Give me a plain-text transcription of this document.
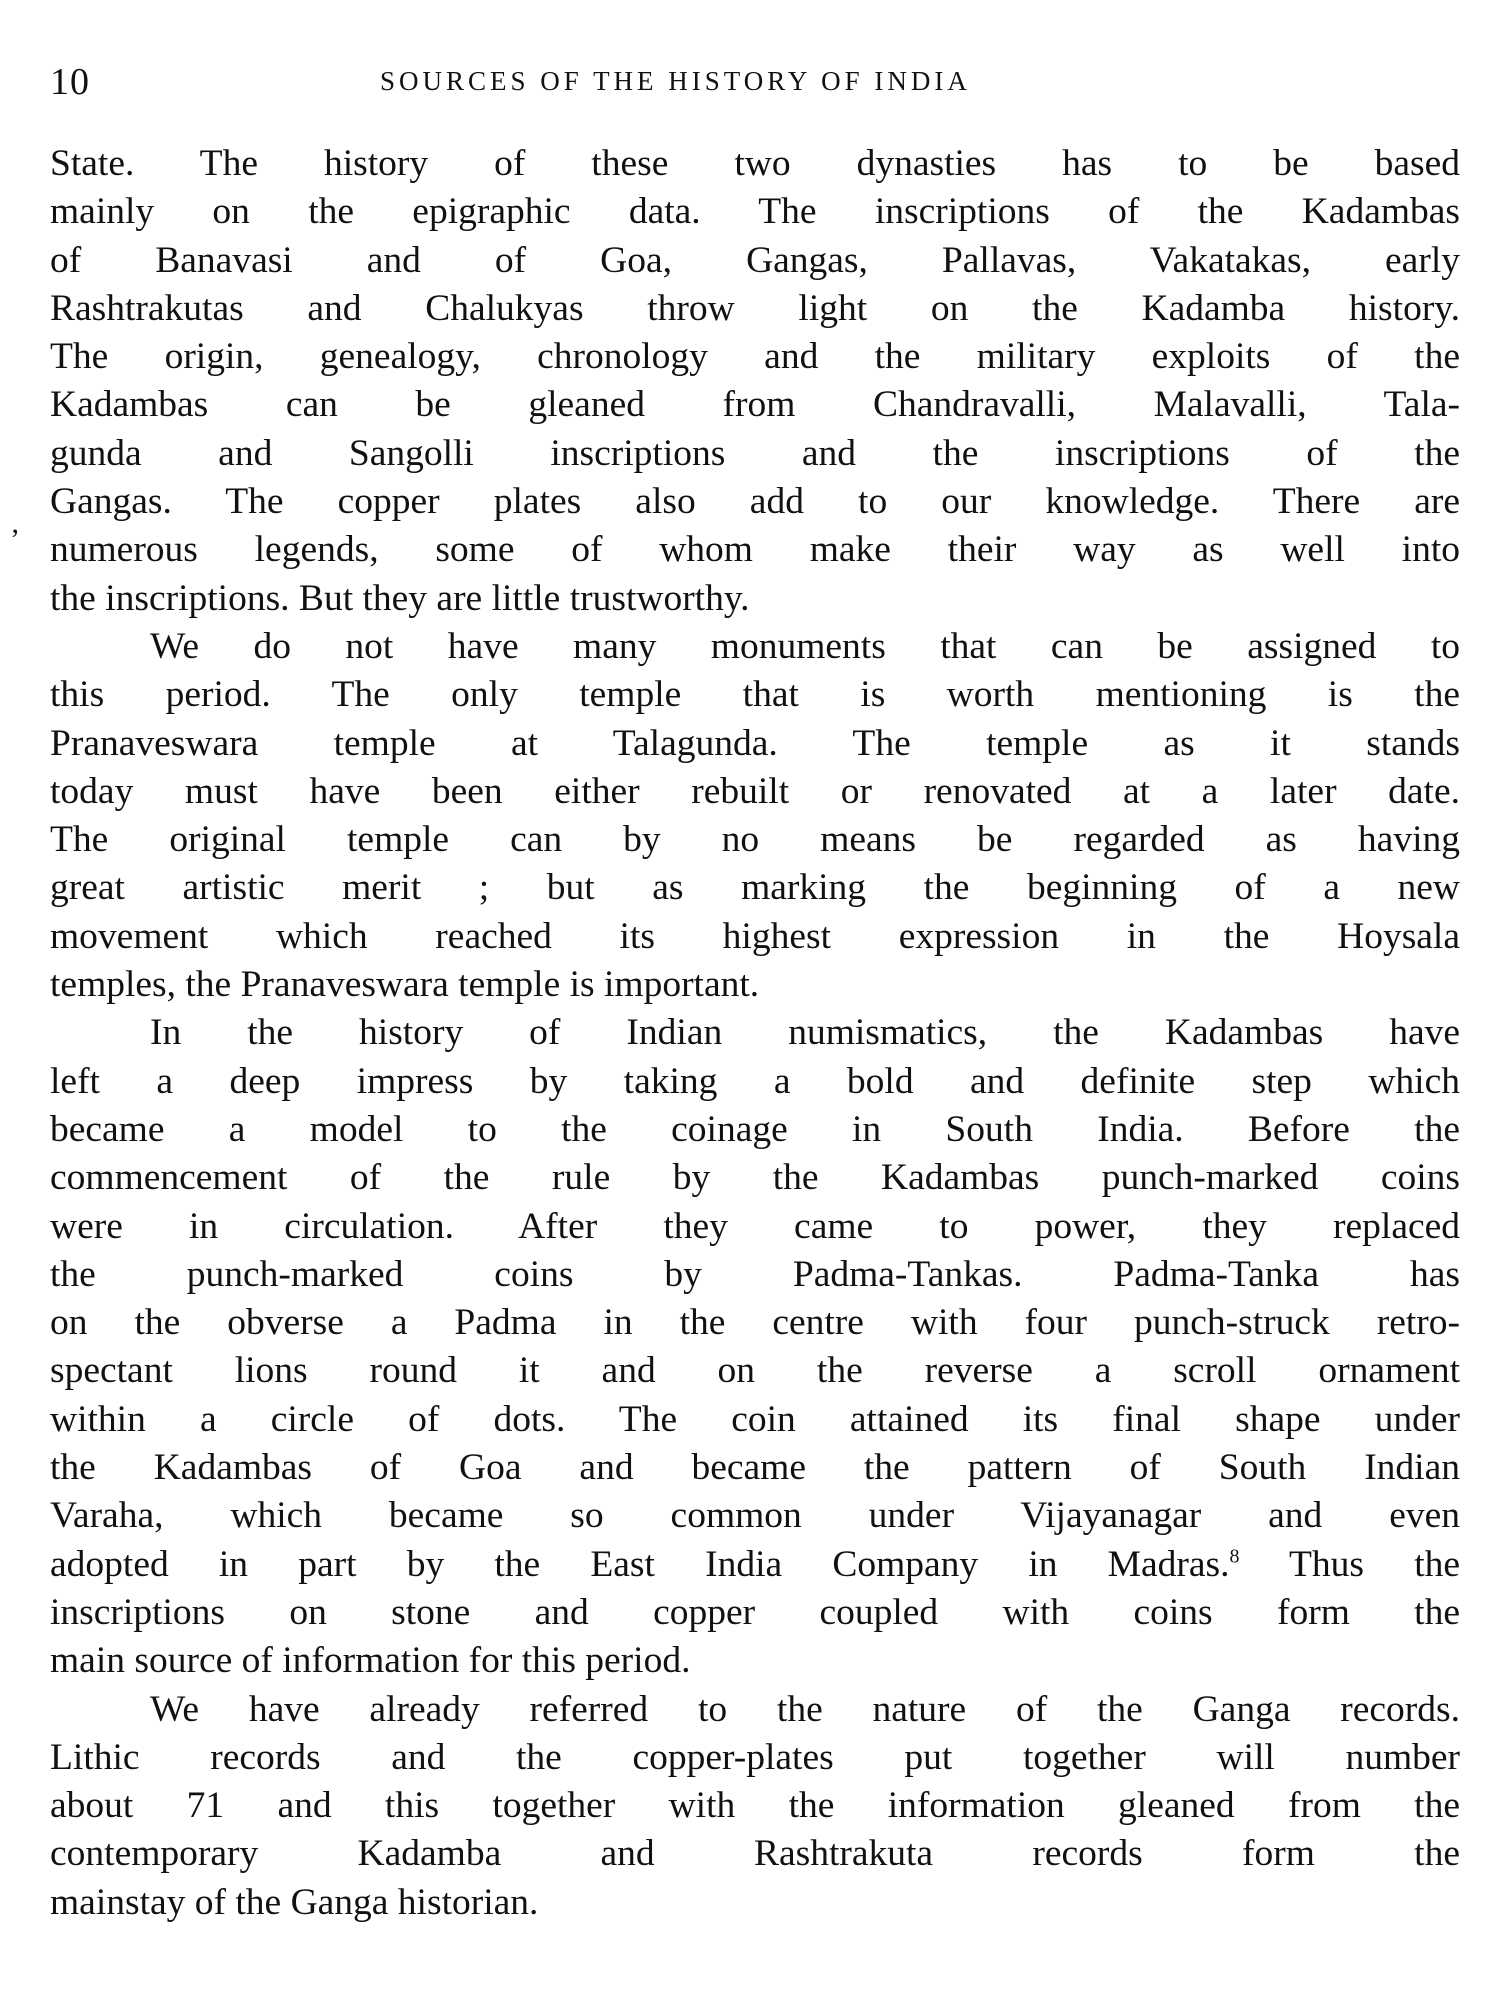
10	SOURCES OF THE HISTORY OF INDIA
’
State. The history of these two dynasties has to be based
mainly on the epigraphic data. The inscriptions of the Kadambas
of Banavasi and of Goa, Gangas, Pallavas, Vakatakas, early
Rashtrakutas and Chalukyas throw light on the Kadamba history.
The origin, genealogy, chronology and the military exploits of the
Kadambas can be gleaned from Chandravalli, Malavalli, Tala-
gunda and Sangolli inscriptions and the inscriptions of the
Gangas. The copper plates also add to our knowledge. There are
numerous legends, some of whom make their way as well into
the inscriptions. But they are little trustworthy.
We do not have many monuments that can be assigned to
this period. The only temple that is worth mentioning is the
Pranaveswara temple at Talagunda. The temple as it stands
today must have been either rebuilt or renovated at a later date.
The original temple can by no means be regarded as having
great artistic merit ; but as marking the beginning of a new
movement which reached its highest expression in the Hoysala
temples, the Pranaveswara temple is important.
In the history of Indian numismatics, the Kadambas have
left a deep impress by taking a bold and definite step which
became a model to the coinage in South India. Before the
commencement of the rule by the Kadambas punch-marked coins
were in circulation. After they came to power, they replaced
the punch-marked coins by Padma-Tankas. Padma-Tanka has
on the obverse a Padma in the centre with four punch-struck retro-
spectant lions round it and on the reverse a scroll ornament
within a circle of dots. The coin attained its final shape under
the Kadambas of Goa and became the pattern of South Indian
Varaha, which became so common under Vijayanagar and even
adopted in part by the East India Company in Madras.$^8$ Thus the
inscriptions on stone and copper coupled with coins form the
main source of information for this period.
We have already referred to the nature of the Ganga records.
Lithic records and the copper-plates put together will number
about 71 and this together with the information gleaned from the
contemporary Kadamba and Rashtrakuta records form the
mainstay of the Ganga historian.
